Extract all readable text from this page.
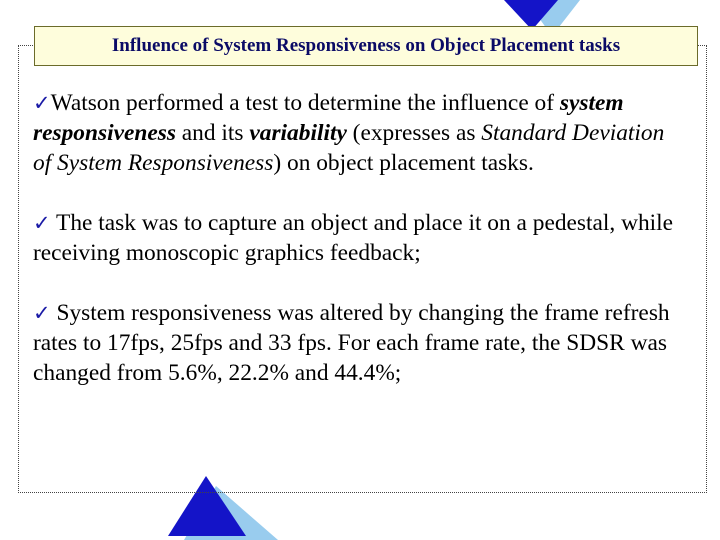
Influence of System Responsiveness on Object Placement tasks

✓Watson performed a test to determine the influence of system responsiveness and its variability (expresses as Standard Deviation of System Responsiveness) on object placement tasks.

✓ The task was to capture an object and place it on a pedestal, while receiving monoscopic graphics feedback;

✓ System responsiveness was altered by changing the frame refresh rates to 17fps, 25fps and 33 fps. For each frame rate, the SDSR was changed from 5.6%, 22.2% and 44.4%;
